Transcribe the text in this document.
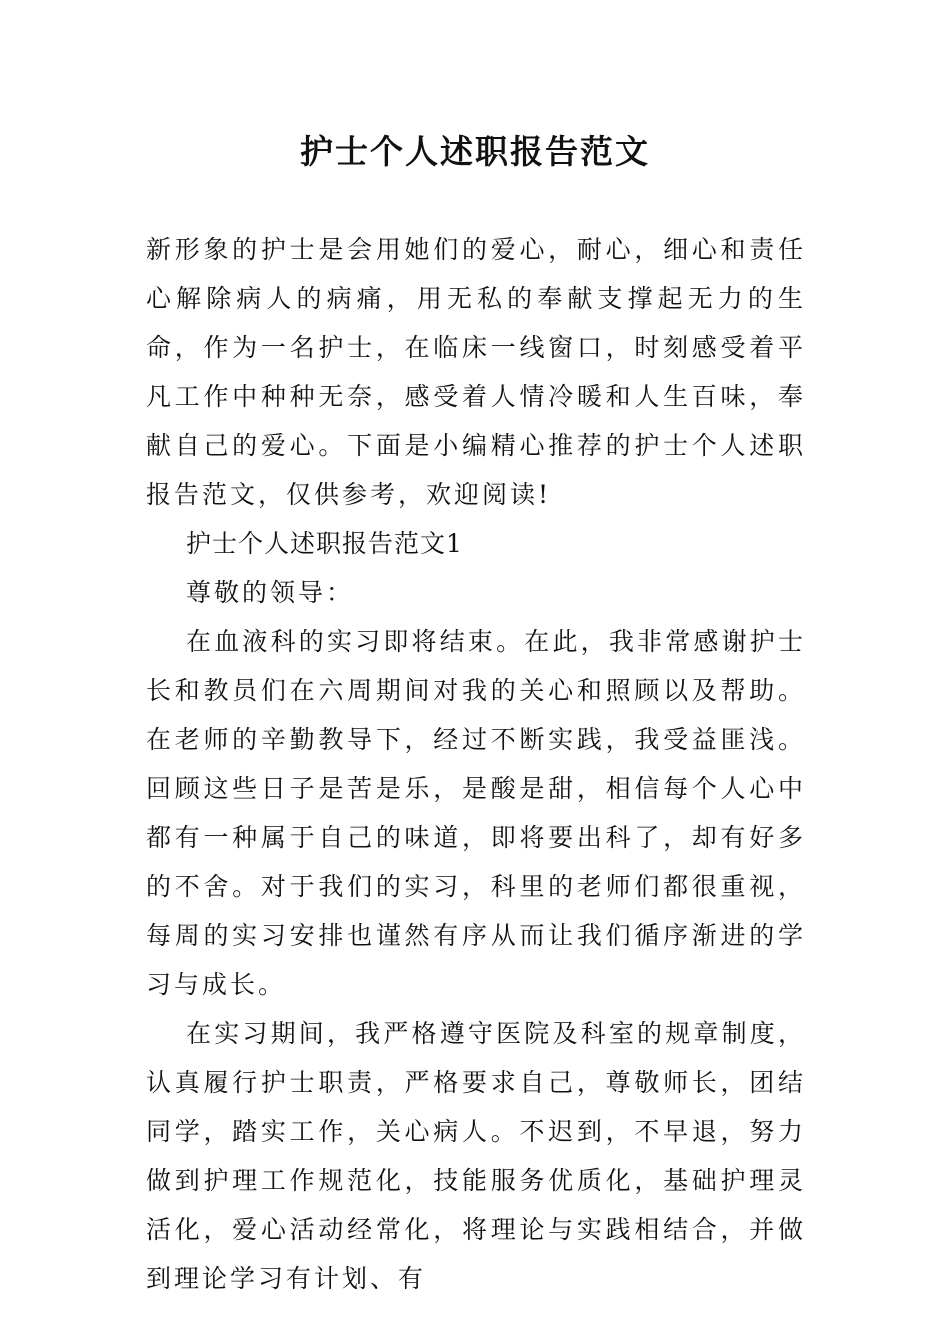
护士个人述职报告范文

新形象的护士是会用她们的爱心，耐心，细心和责任心解除病人的病痛，用无私的奉献支撑起无力的生命，作为一名护士，在临床一线窗口，时刻感受着平凡工作中种种无奈，感受着人情冷暖和人生百味，奉献自己的爱心。下面是小编精心推荐的护士个人述职报告范文，仅供参考，欢迎阅读!

护士个人述职报告范文1

尊敬的领导：

在血液科的实习即将结束。在此，我非常感谢护士长和教员们在六周期间对我的关心和照顾以及帮助。在老师的辛勤教导下，经过不断实践，我受益匪浅。回顾这些日子是苦是乐，是酸是甜，相信每个人心中都有一种属于自己的味道，即将要出科了，却有好多的不舍。对于我们的实习，科里的老师们都很重视，每周的实习安排也谨然有序从而让我们循序渐进的学习与成长。

在实习期间，我严格遵守医院及科室的规章制度，认真履行护士职责，严格要求自己，尊敬师长，团结同学，踏实工作，关心病人。不迟到，不早退，努力做到护理工作规范化，技能服务优质化，基础护理灵活化，爱心活动经常化，将理论与实践相结合，并做到理论学习有计划、有
